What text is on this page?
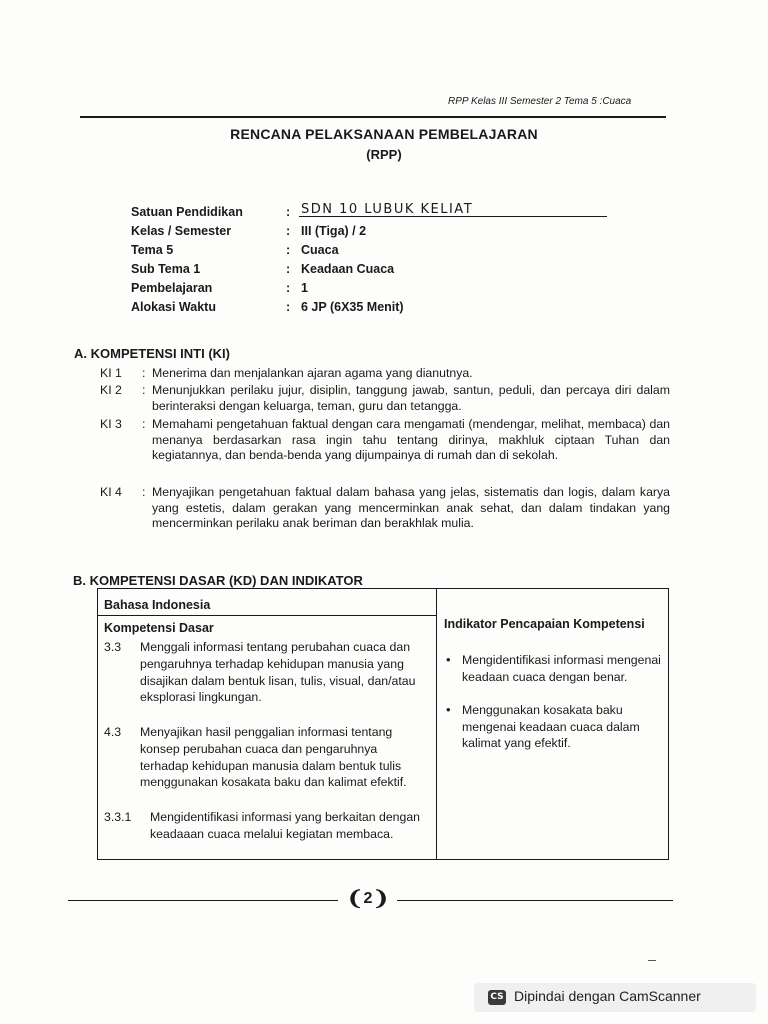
RPP Kelas III Semester 2 Tema 5 :Cuaca
RENCANA PELAKSANAAN PEMBELAJARAN
(RPP)
Satuan Pendidikan	: SDN 10 LUBUK KELIAT
Kelas / Semester	: III (Tiga) / 2
Tema 5	: Cuaca
Sub Tema 1	: Keadaan Cuaca
Pembelajaran	: 1
Alokasi Waktu	: 6 JP (6X35 Menit)
A. KOMPETENSI INTI (KI)
KI 1 : Menerima dan menjalankan ajaran agama yang dianutnya.
KI 2 : Menunjukkan perilaku jujur, disiplin, tanggung jawab, santun, peduli, dan percaya diri dalam berinteraksi dengan keluarga, teman, guru dan tetangga.
KI 3 : Memahami pengetahuan faktual dengan cara mengamati (mendengar, melihat, membaca) dan menanya berdasarkan rasa ingin tahu tentang dirinya, makhluk ciptaan Tuhan dan kegiatannya, dan benda-benda yang dijumpainya di rumah dan di sekolah.
KI 4 : Menyajikan pengetahuan faktual dalam bahasa yang jelas, sistematis dan logis, dalam karya yang estetis, dalam gerakan yang mencerminkan anak sehat, dan dalam tindakan yang mencerminkan perilaku anak beriman dan berakhlak mulia.
B. KOMPETENSI DASAR (KD) DAN INDIKATOR
Bahasa Indonesia
Kompetensi Dasar
3.3 Menggali informasi tentang perubahan cuaca dan pengaruhnya terhadap kehidupan manusia yang disajikan dalam bentuk lisan, tulis, visual, dan/atau eksplorasi lingkungan.
4.3 Menyajikan hasil penggalian informasi tentang konsep perubahan cuaca dan pengaruhnya terhadap kehidupan manusia dalam bentuk tulis menggunakan kosakata baku dan kalimat efektif.
3.3.1 Mengidentifikasi informasi yang berkaitan dengan keadaaan cuaca melalui kegiatan membaca.
Indikator Pencapaian Kompetensi
• Mengidentifikasi informasi mengenai keadaan cuaca dengan benar.
• Menggunakan kosakata baku mengenai keadaan cuaca dalam kalimat yang efektif.
❨2❩
CS Dipindai dengan CamScanner
